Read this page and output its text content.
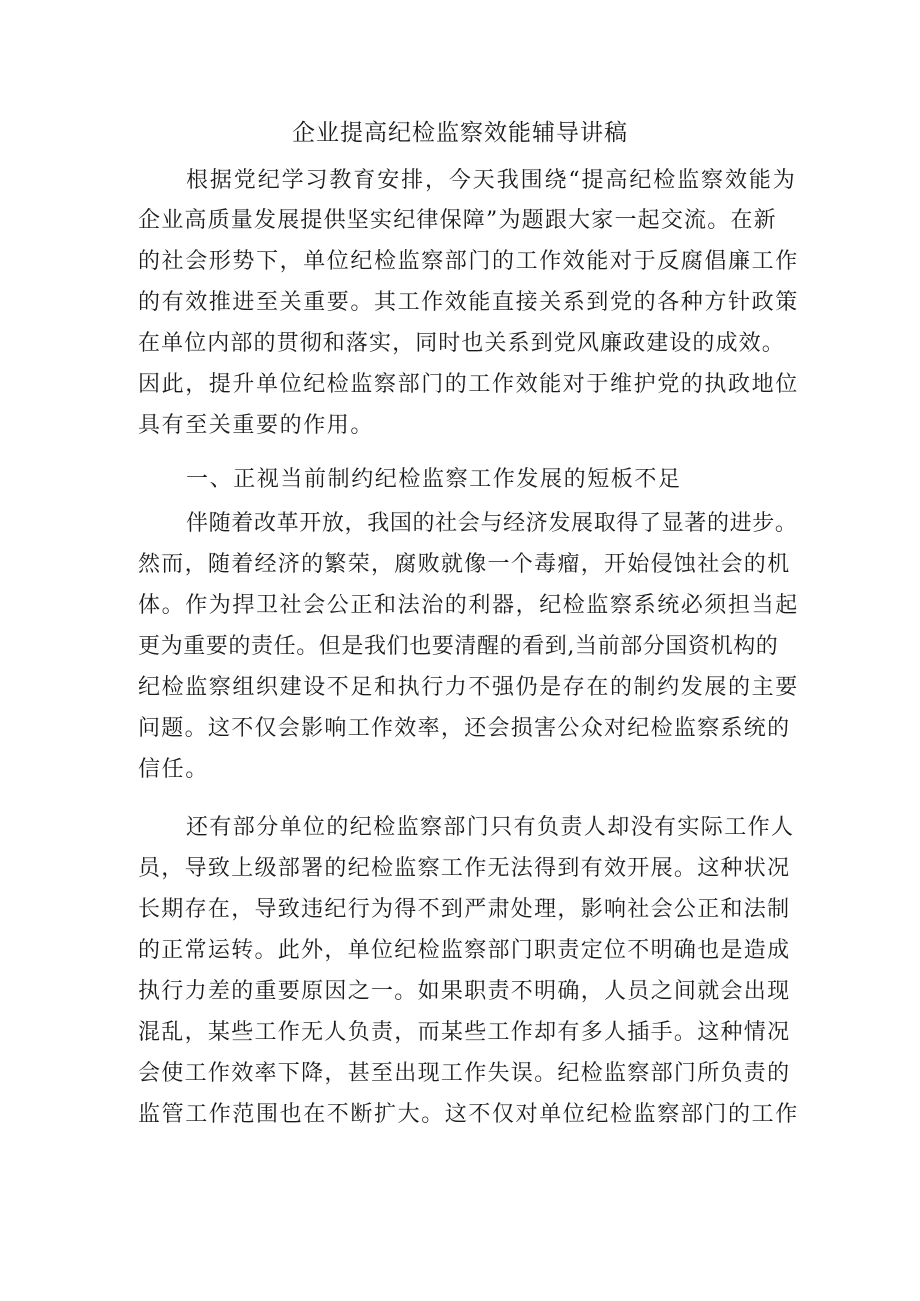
企业提高纪检监察效能辅导讲稿
根据党纪学习教育安排，今天我围绕“提高纪检监察效能为
企业高质量发展提供坚实纪律保障”为题跟大家一起交流。在新
的社会形势下，单位纪检监察部门的工作效能对于反腐倡廉工作
的有效推进至关重要。其工作效能直接关系到党的各种方针政策
在单位内部的贯彻和落实，同时也关系到党风廉政建设的成效。
因此，提升单位纪检监察部门的工作效能对于维护党的执政地位
具有至关重要的作用。
一、正视当前制约纪检监察工作发展的短板不足
伴随着改革开放，我国的社会与经济发展取得了显著的进步。
然而，随着经济的繁荣，腐败就像一个毒瘤，开始侵蚀社会的机
体。作为捍卫社会公正和法治的利器，纪检监察系统必须担当起
更为重要的责任。但是我们也要清醒的看到,当前部分国资机构的
纪检监察组织建设不足和执行力不强仍是存在的制约发展的主要
问题。这不仅会影响工作效率，还会损害公众对纪检监察系统的
信任。
还有部分单位的纪检监察部门只有负责人却没有实际工作人
员，导致上级部署的纪检监察工作无法得到有效开展。这种状况
长期存在，导致违纪行为得不到严肃处理，影响社会公正和法制
的正常运转。此外，单位纪检监察部门职责定位不明确也是造成
执行力差的重要原因之一。如果职责不明确，人员之间就会出现
混乱，某些工作无人负责，而某些工作却有多人插手。这种情况
会使工作效率下降，甚至出现工作失误。纪检监察部门所负责的
监管工作范围也在不断扩大。这不仅对单位纪检监察部门的工作
